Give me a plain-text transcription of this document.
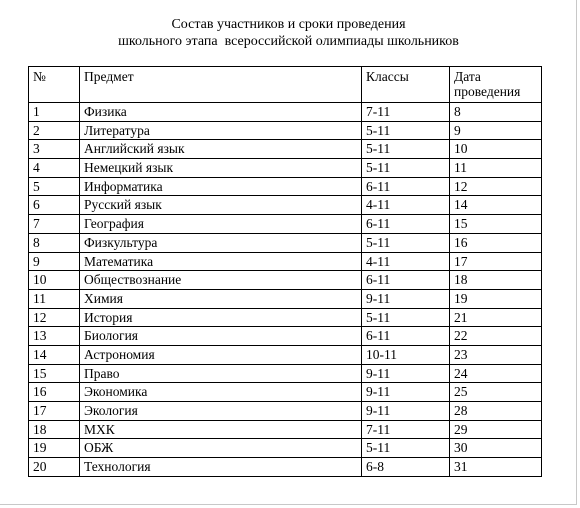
Состав участников и сроки проведения
школьного этапа  всероссийской олимпиады школьников
№	Предмет	Классы	Дата проведения
1	Физика	7-11	8
2	Литература	5-11	9
3	Английский язык	5-11	10
4	Немецкий язык	5-11	11
5	Информатика	6-11	12
6	Русский язык	4-11	14
7	География	6-11	15
8	Физкультура	5-11	16
9	Математика	4-11	17
10	Обществознание	6-11	18
11	Химия	9-11	19
12	История	5-11	21
13	Биология	6-11	22
14	Астрономия	10-11	23
15	Право	9-11	24
16	Экономика	9-11	25
17	Экология	9-11	28
18	МХК	7-11	29
19	ОБЖ	5-11	30
20	Технология	6-8	31
